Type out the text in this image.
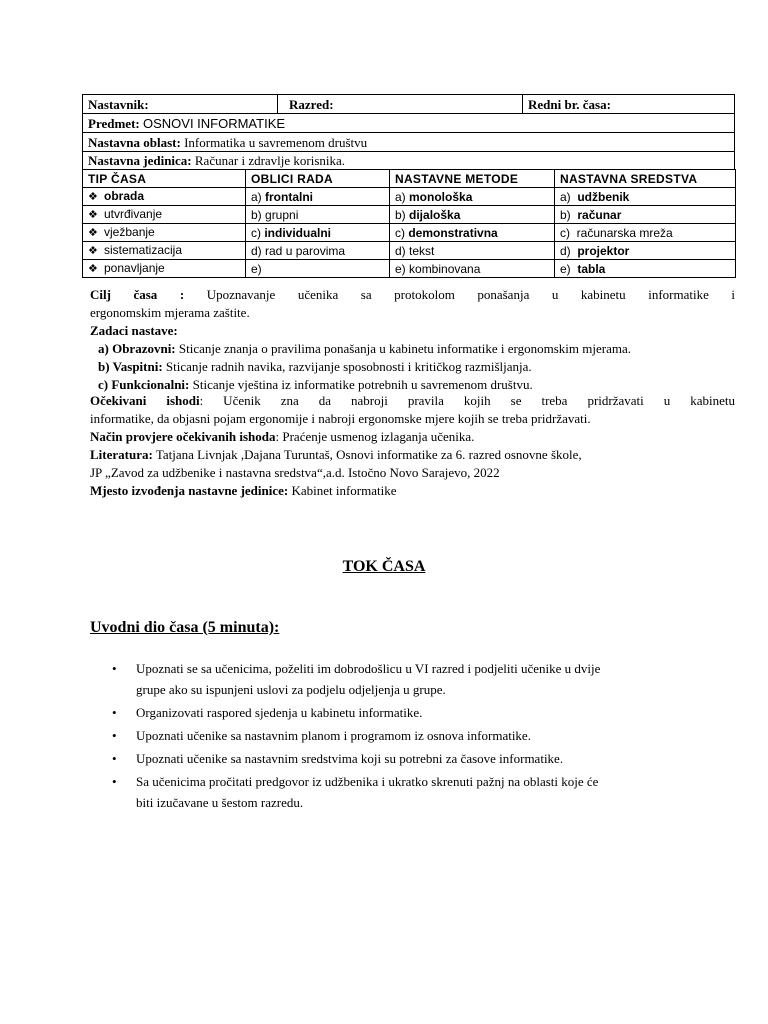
Nastavnik:	Razred:	Redni br. časa:
Predmet: OSNOVI INFORMATIKE
Nastavna oblast: Informatika u savremenom društvu
Nastavna jedinica: Računar i zdravlje korisnika.
TIP ČASA	OBLICI RADA	NASTAVNE METODE	NASTAVNA SREDSTVA
❖ obrada	a) frontalni	a) monološka	a) udžbenik
❖ utvrđivanje	b) grupni	b) dijaloška	b) računar
❖ vježbanje	c) individualni	c) demonstrativna	c) računarska mreža
❖ sistematizacija	d) rad u parovima	d) tekst	d) projektor
❖ ponavljanje	e)	e) kombinovana	e) tabla
Cilj časa : Upoznavanje učenika sa protokolom ponašanja u kabinetu informatike i
ergonomskim mjerama zaštite.
Zadaci nastave:
a) Obrazovni: Sticanje znanja o pravilima ponašanja u kabinetu informatike i ergonomskim mjerama.
b) Vaspitni: Sticanje radnih navika, razvijanje sposobnosti i kritičkog razmišljanja.
c) Funkcionalni: Sticanje vještina iz informatike potrebnih u savremenom društvu.
Očekivani ishodi: Učenik zna da nabroji pravila kojih se treba pridržavati u kabinetu
informatike, da objasni pojam ergonomije i nabroji ergonomske mjere kojih se treba pridržavati.
Način provjere očekivanih ishoda: Praćenje usmenog izlaganja učenika.
Literatura: Tatjana Livnjak ,Dajana Turuntaš, Osnovi informatike za 6. razred osnovne škole,
JP „Zavod za udžbenike i nastavna sredstva“,a.d. Istočno Novo Sarajevo, 2022
Mjesto izvođenja nastavne jedinice: Kabinet informatike
TOK ČASA
Uvodni dio časa (5 minuta):
• Upoznati se sa učenicima, poželiti im dobrodošlicu u VI razred i podjeliti učenike u dvije
grupe ako su ispunjeni uslovi za podjelu odjeljenja u grupe.
• Organizovati raspored sjedenja u kabinetu informatike.
• Upoznati učenike sa nastavnim planom i programom iz osnova informatike.
• Upoznati učenike sa nastavnim sredstvima koji su potrebni za časove informatike.
• Sa učenicima pročitati predgovor iz udžbenika i ukratko skrenuti pažnj na oblasti koje će
biti izučavane u šestom razredu.
